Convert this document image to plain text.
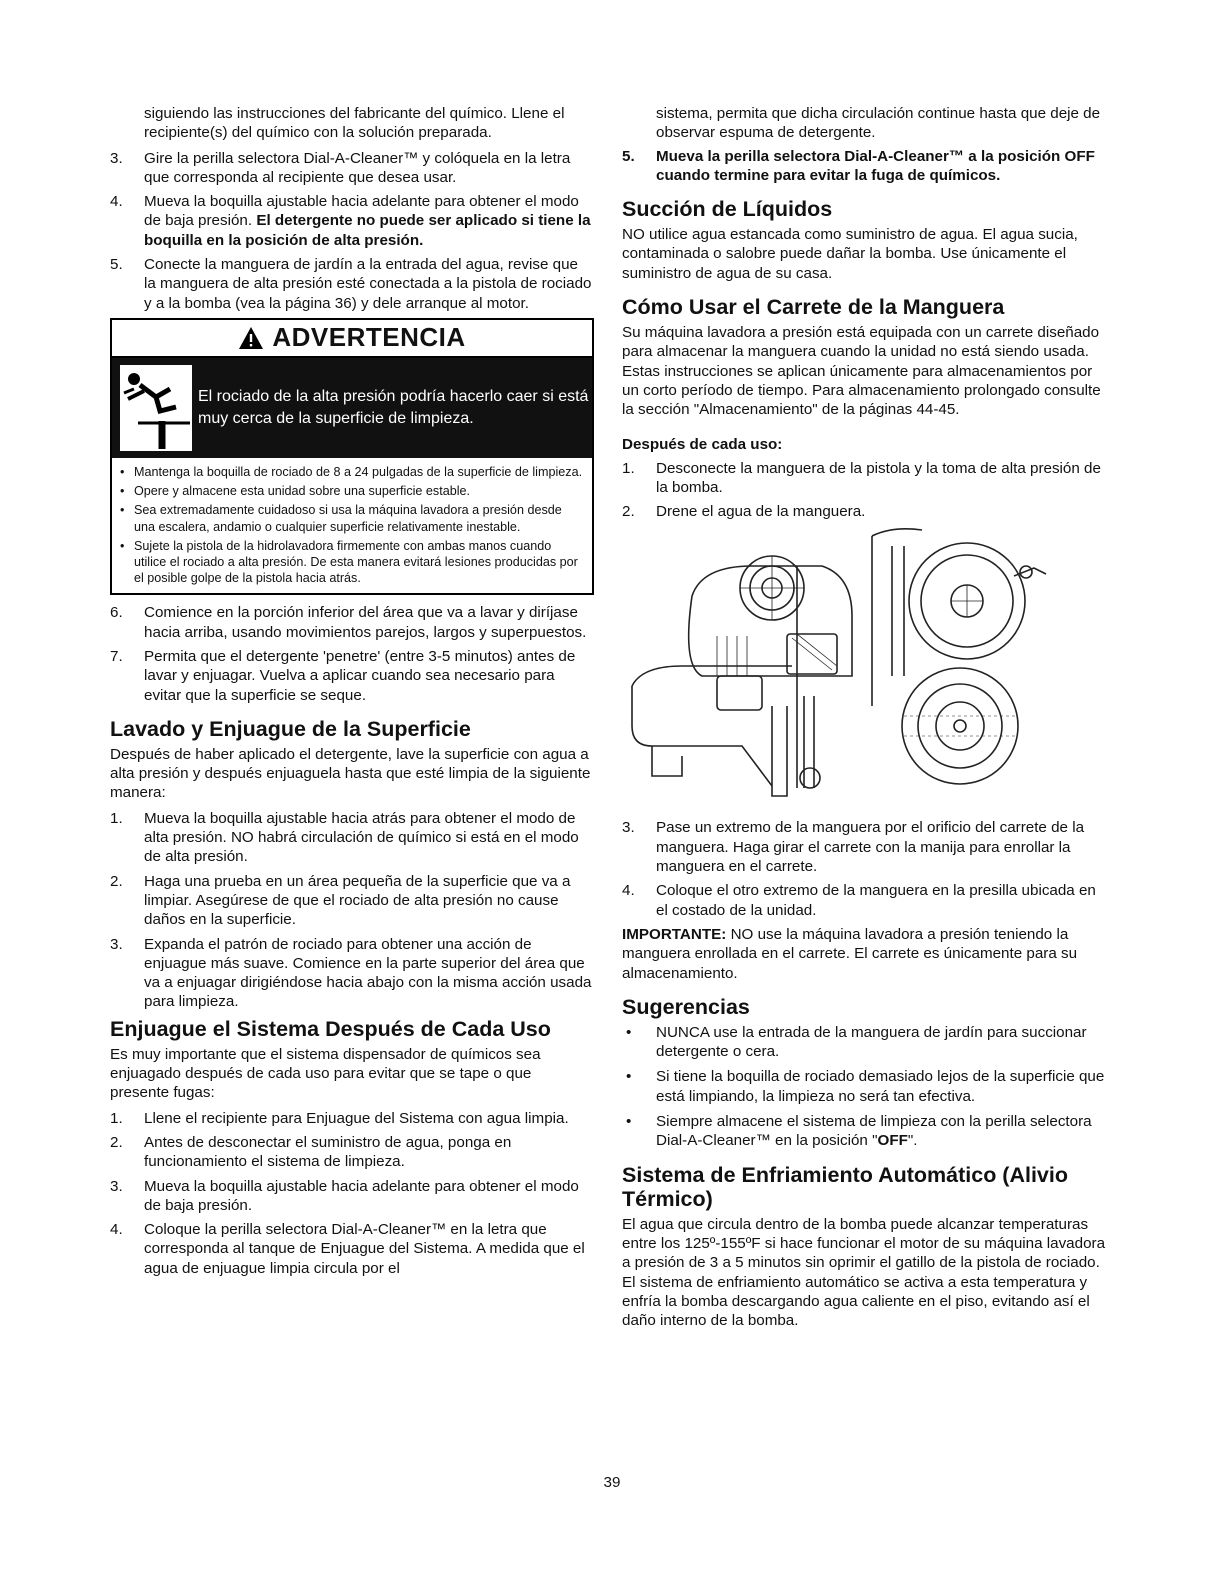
siguiendo las instrucciones del fabricante del químico. Llene el recipiente(s) del químico con la solución preparada.

3.	Gire la perilla selectora Dial-A-Cleaner™ y colóquela en la letra que corresponda al recipiente que desea usar.
4.	Mueva la boquilla ajustable hacia adelante para obtener el modo de baja presión. El detergente no puede ser aplicado si tiene la boquilla en la posición de alta presión.
5.	Conecte la manguera de jardín a la entrada del agua, revise que la manguera de alta presión esté conectada a la pistola de rociado y a la bomba (vea la página 36) y dele arranque al motor.
ADVERTENCIA
El rociado de la alta presión podría hacerlo caer si está muy cerca de la superficie de limpieza.
• Mantenga la boquilla de rociado de 8 a 24 pulgadas de la superficie de limpieza.
• Opere y almacene esta unidad sobre una superficie estable.
• Sea extremadamente cuidadoso si usa la máquina lavadora a presión desde una escalera, andamio o cualquier superficie relativamente inestable.
• Sujete la pistola de la hidrolavadora firmemente con ambas manos cuando utilice el rociado a alta presión. De esta manera evitará lesiones producidas por el posible golpe de la pistola hacia atrás.
6.	Comience en la porción inferior del área que va a lavar y diríjase hacia arriba, usando movimientos parejos, largos y superpuestos.
7.	Permita que el detergente 'penetre' (entre 3-5 minutos) antes de lavar y enjuagar. Vuelva a aplicar cuando sea necesario para evitar que la superficie se seque.
Lavado y Enjuague de la Superficie

Después de haber aplicado el detergente, lave la superficie con agua a alta presión y después enjuaguela hasta que esté limpia de la siguiente manera:

1.	Mueva la boquilla ajustable hacia atrás para obtener el modo de alta presión. NO habrá circulación de químico si está en el modo de alta presión.
2.	Haga una prueba en un área pequeña de la superficie que va a limpiar. Asegúrese de que el rociado de alta presión no cause daños en la superficie.
3.	Expanda el patrón de rociado para obtener una acción de enjuague más suave. Comience en la parte superior del área que va a enjuagar dirigiéndose hacia abajo con la misma acción usada para limpieza.
Enjuague el Sistema Después de Cada Uso

Es muy importante que el sistema dispensador de químicos sea enjuagado después de cada uso para evitar que se tape o que presente fugas:

1.	Llene el recipiente para Enjuague del Sistema con agua limpia.
2.	Antes de desconectar el suministro de agua, ponga en funcionamiento el sistema de limpieza.
3.	Mueva la boquilla ajustable hacia adelante para obtener el modo de baja presión.
4.	Coloque la perilla selectora Dial-A-Cleaner™ en la letra que corresponda al tanque de Enjuague del Sistema. A medida que el agua de enjuague limpia circula por el

sistema, permita que dicha circulación continue hasta que deje de observar espuma de detergente.

5.	Mueva la perilla selectora Dial-A-Cleaner™ a la posición OFF cuando termine para evitar la fuga de químicos.
Succión de Líquidos

NO utilice agua estancada como suministro de agua. El agua sucia, contaminada o salobre puede dañar la bomba. Use únicamente el suministro de agua de su casa.

Cómo Usar el Carrete de la Manguera

Su máquina lavadora a presión está equipada con un carrete diseñado para almacenar la manguera cuando la unidad no está siendo usada. Estas instrucciones se aplican únicamente para almacenamientos por un corto período de tiempo. Para almacenamiento prolongado consulte la sección "Almacenamiento" de la páginas 44-45.

Después de cada uso:
1.	Desconecte la manguera de la pistola y la toma de alta presión de la bomba.
2.	Drene el agua de la manguera.
3.	Pase un extremo de la manguera por el orificio del carrete de la manguera. Haga girar el carrete con la manija para enrollar la manguera en el carrete.
4.	Coloque el otro extremo de la manguera en la presilla ubicada en el costado de la unidad.

IMPORTANTE: NO use la máquina lavadora a presión teniendo la manguera enrollada en el carrete. El carrete es únicamente para su almacenamiento.

Sugerencias
•	NUNCA use la entrada de la manguera de jardín para succionar detergente o cera.
•	Si tiene la boquilla de rociado demasiado lejos de la superficie que está limpiando, la limpieza no será tan efectiva.
•	Siempre almacene el sistema de limpieza con la perilla selectora Dial-A-Cleaner™ en la posición "OFF".
Sistema de Enfriamiento Automático (Alivio Térmico)

El agua que circula dentro de la bomba puede alcanzar temperaturas entre los 125º-155ºF si hace funcionar el motor de su máquina lavadora a presión de 3 a 5 minutos sin oprimir el gatillo de la pistola de rociado. El sistema de enfriamiento automático se activa a esta temperatura y enfría la bomba descargando agua caliente en el piso, evitando así el daño interno de la bomba.

39
